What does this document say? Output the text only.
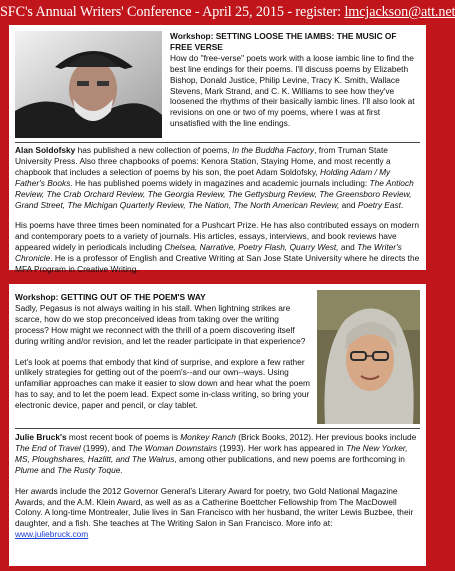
SFC's Annual Writers' Conference - April 25, 2015 - register: lmcjackson@att.net
Workshop: SETTING LOOSE THE IAMBS: THE MUSIC OF FREE VERSE
How do "free-verse" poets work with a loose iambic line to find the best line endings for their poems. I'll discuss poems by Elizabeth Bishop, Donald Justice, Philip Levine, Tracy K. Smith, Wallace Stevens, Mark Strand, and C. K. Williams to see how they've loosened the rhythms of their basically iambic lines. I'll also look at revisions on one or two of my poems, where I was at first unsatisfied with the line endings.

Alan Soldofsky has published a new collection of poems, In the Buddha Factory, from Truman State University Press. Also three chapbooks of poems: Kenora Station, Staying Home, and most recently a chapbook that includes a selection of poems by his son, the poet Adam Soldofsky, Holding Adam / My Father's Books. He has published poems widely in magazines and academic journals including: The Antioch Review, The Crab Orchard Review, The Georgia Review, The Gettysburg Review, The Greensboro Review, Grand Street, The Michigan Quarterly Review, The Nation, The North American Review, and Poetry East.

His poems have three times been nominated for a Pushcart Prize. He has also contributed essays on modern and contemporary poets to a variety of journals. His articles, essays, interviews, and book reviews have appeared widely in periodicals including Chelsea, Narrative, Poetry Flash, Quarry West, and The Writer's Chronicle. He is a professor of English and Creative Writing at San Jose State University where he directs the MFA Program in Creative Writing.

Workshop: GETTING OUT OF THE POEM'S WAY

Sadly, Pegasus is not always waiting in his stall. When lightning strikes are scarce, how do we stop preconceived ideas from taking over the writing process? How might we reconnect with the thrill of a poem discovering itself during writing and/or revision, and let the reader participate in that experience?

Let's look at poems that embody that kind of surprise, and explore a few rather unlikely strategies for getting out of the poem's--and our own--ways. Using unfamiliar approaches can make it easier to slow down and hear what the poem has to say, and to let the poem lead. Expect some in-class writing, so bring your electronic device, paper and pencil, or clay tablet.

Julie Bruck's most recent book of poems is Monkey Ranch (Brick Books, 2012). Her previous books include The End of Travel (1999), and The Woman Downstairs (1993). Her work has appeared in The New Yorker, MS, Ploughshares, Hazlitt, and The Walrus, among other publications, and new poems are forthcoming in Plume and The Rusty Toque.

Her awards include the 2012 Governor General's Literary Award for poetry, two Gold National Magazine Awards, and the A.M. Klein Award, as well as as a Catherine Boettcher Fellowship from The MacDowell Colony. A long-time Montrealer, Julie lives in San Francisco with her husband, the writer Lewis Buzbee, their daughter, and a fish. She teaches at The Writing Salon in San Francisco. More info at:
www.juliebruck.com
